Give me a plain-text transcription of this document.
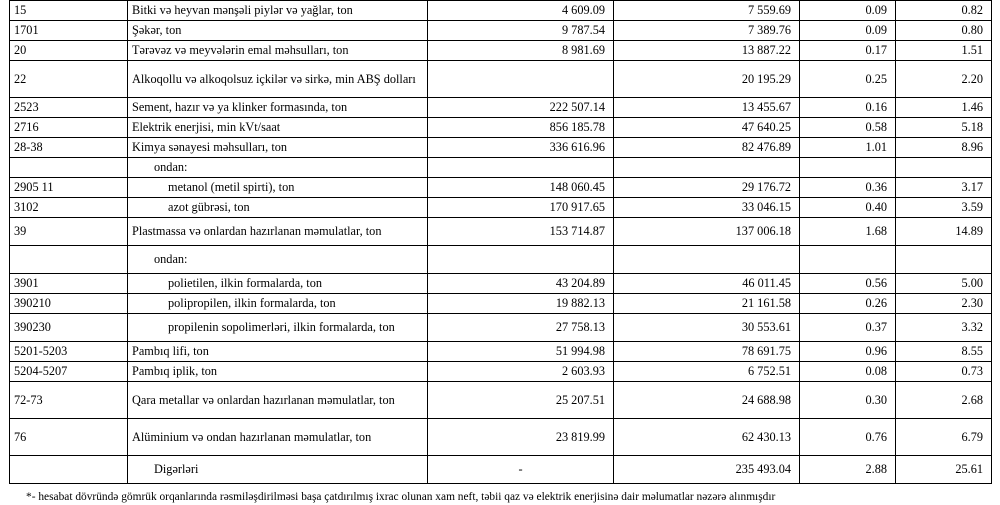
15	Bitki və heyvan mənşəli piylər və yağlar, ton	4 609.09	7 559.69	0.09	0.82
1701	Şəkər, ton	9 787.54	7 389.76	0.09	0.80
20	Tərəvəz və meyvələrin emal məhsulları, ton	8 981.69	13 887.22	0.17	1.51
22	Alkoqollu və alkoqolsuz içkilər və sirkə, min ABŞ dolları		20 195.29	0.25	2.20
2523	Sement, hazır və ya klinker formasında, ton	222 507.14	13 455.67	0.16	1.46
2716	Elektrik enerjisi, min kVt/saat	856 185.78	47 640.25	0.58	5.18
28-38	Kimya sənayesi məhsulları, ton	336 616.96	82 476.89	1.01	8.96
	ondan:				
2905 11	metanol (metil spirti), ton	148 060.45	29 176.72	0.36	3.17
3102	azot gübrəsi, ton	170 917.65	33 046.15	0.40	3.59
39	Plastmassa və onlardan hazırlanan məmulatlar, ton	153 714.87	137 006.18	1.68	14.89
	ondan:				
3901	polietilen, ilkin formalarda, ton	43 204.89	46 011.45	0.56	5.00
390210	polipropilen, ilkin formalarda, ton	19 882.13	21 161.58	0.26	2.30
390230	propilenin sopolimerləri, ilkin formalarda, ton	27 758.13	30 553.61	0.37	3.32
5201-5203	Pambıq lifi, ton	51 994.98	78 691.75	0.96	8.55
5204-5207	Pambıq iplik, ton	2 603.93	6 752.51	0.08	0.73
72-73	Qara metallar və onlardan hazırlanan məmulatlar, ton	25 207.51	24 688.98	0.30	2.68
76	Alüminium və ondan hazırlanan məmulatlar, ton	23 819.99	62 430.13	0.76	6.79
	Digərləri	-	235 493.04	2.88	25.61
*- hesabat dövründə gömrük orqanlarında rəsmiləşdirilməsi başa çatdırılmış ixrac olunan xam neft, təbii qaz və elektrik enerjisinə dair məlumatlar nəzərə alınmışdır
